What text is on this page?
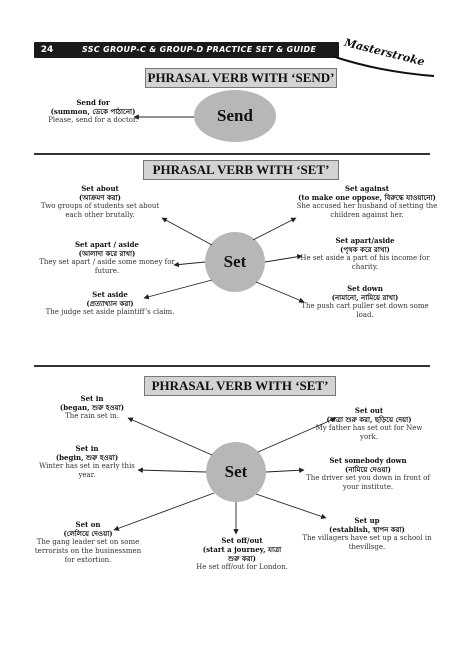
24	SSC GROUP-C & GROUP-D PRACTICE SET & GUIDE BOOK	Masterstroke
PHRASAL VERB WITH ‘SEND’
Send
Send for
(summon, ডেকে পাঠানো)
Please, send for a doctor.
PHRASAL VERB WITH ‘SET’
Set
Set about
(আক্রমণ করা)
Two groups of students set about each other brutally.
Set apart / aside
(আলাদা করে রাখা)
They set apart / aside some money for future.
Set aside
(প্রত্যাখ্যান করা)
The judge set aside plaintiff’s claim.
Set against
(to make one oppose, বিরুদ্ধে যাওয়ানো)
She accused her husband of setting the children against her.
Set apart/aside
(পৃথক করে রাখা)
He set aside a part of his income for charity.
Set down
(নামানো, নামিয়ে রাখা)
The push cart puller set down some load.
PHRASAL VERB WITH ‘SET’
Set
Set in
(began, শুরু হওয়া)
The rain set in.
Set in
(begin, শুরু হওয়া)
Winter has set in early this year.
Set on
(লেলিয়ে দেওয়া)
The gang leader set on some terrorists on the businessmen for extortion.
Set off/out
(start a journey, যাত্রা শুরু করা)
He set off/out for London.
Set out
(যাত্রা শুরু করা, ছড়িয়ে দেয়া)
My father has set out for New york.
Set somebody down
(নামিয়ে দেওয়া)
The driver set you down in front of your institute.
Set up
(establish, স্থাপন করা)
The villagers have set up a school in thevillsge.
